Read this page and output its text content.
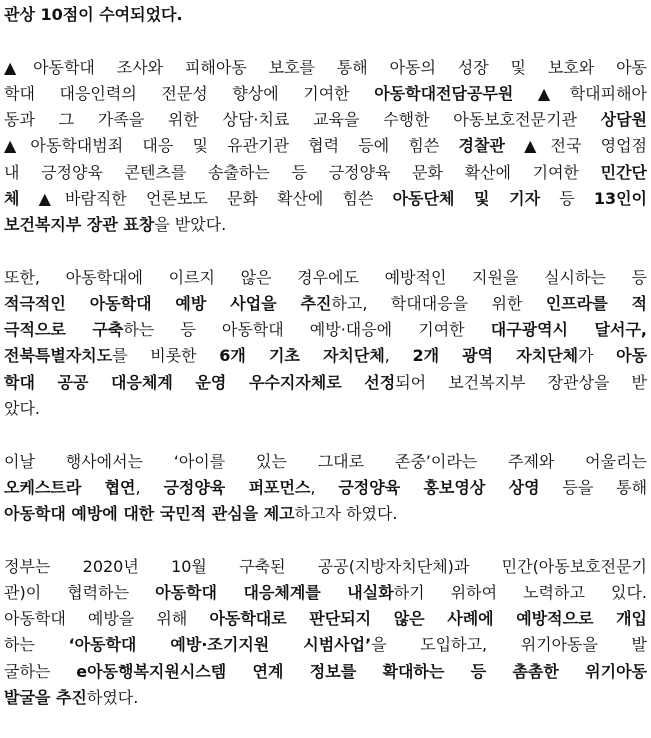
관상 10점이 수여되었다.
▲아동학대 조사와 피해아동 보호를 통해 아동의 성장 및 보호와 아동
학대 대응인력의 전문성 향상에 기여한 아동학대전담공무원 ▲학대피해아
동과 그 가족을 위한 상담·치료 교육을 수행한 아동보호전문기관 상담원
▲아동학대범죄 대응 및 유관기관 협력 등에 힘쓴 경찰관 ▲전국 영업점
내 긍정양육 콘텐츠를 송출하는 등 긍정양육 문화 확산에 기여한 민간단
체 ▲바람직한 언론보도 문화 확산에 힘쓴 아동단체 및 기자 등 13인이
보건복지부 장관 표창을 받았다.
또한, 아동학대에 이르지 않은 경우에도 예방적인 지원을 실시하는 등
적극적인 아동학대 예방 사업을 추진하고, 학대대응을 위한 인프라를 적
극적으로 구축하는 등 아동학대 예방·대응에 기여한 대구광역시 달서구,
전북특별자치도를 비롯한 6개 기초 자치단체, 2개 광역 자치단체가 아동
학대 공공 대응체계 운영 우수지자체로 선정되어 보건복지부 장관상을 받
았다.
이날 행사에서는 ‘아이를 있는 그대로 존중’이라는 주제와 어울리는
오케스트라 협연, 긍정양육 퍼포먼스, 긍정양육 홍보영상 상영 등을 통해
아동학대 예방에 대한 국민적 관심을 제고하고자 하였다.
정부는 2020년 10월 구축된 공공(지방자치단체)과 민간(아동보호전문기
관)이 협력하는 아동학대 대응체계를 내실화하기 위하여 노력하고 있다.
아동학대 예방을 위해 아동학대로 판단되지 않은 사례에 예방적으로 개입
하는 ‘아동학대 예방·조기지원 시범사업’을 도입하고, 위기아동을 발
굴하는 e아동행복지원시스템 연계 정보를 확대하는 등 촘촘한 위기아동
발굴을 추진하였다.
